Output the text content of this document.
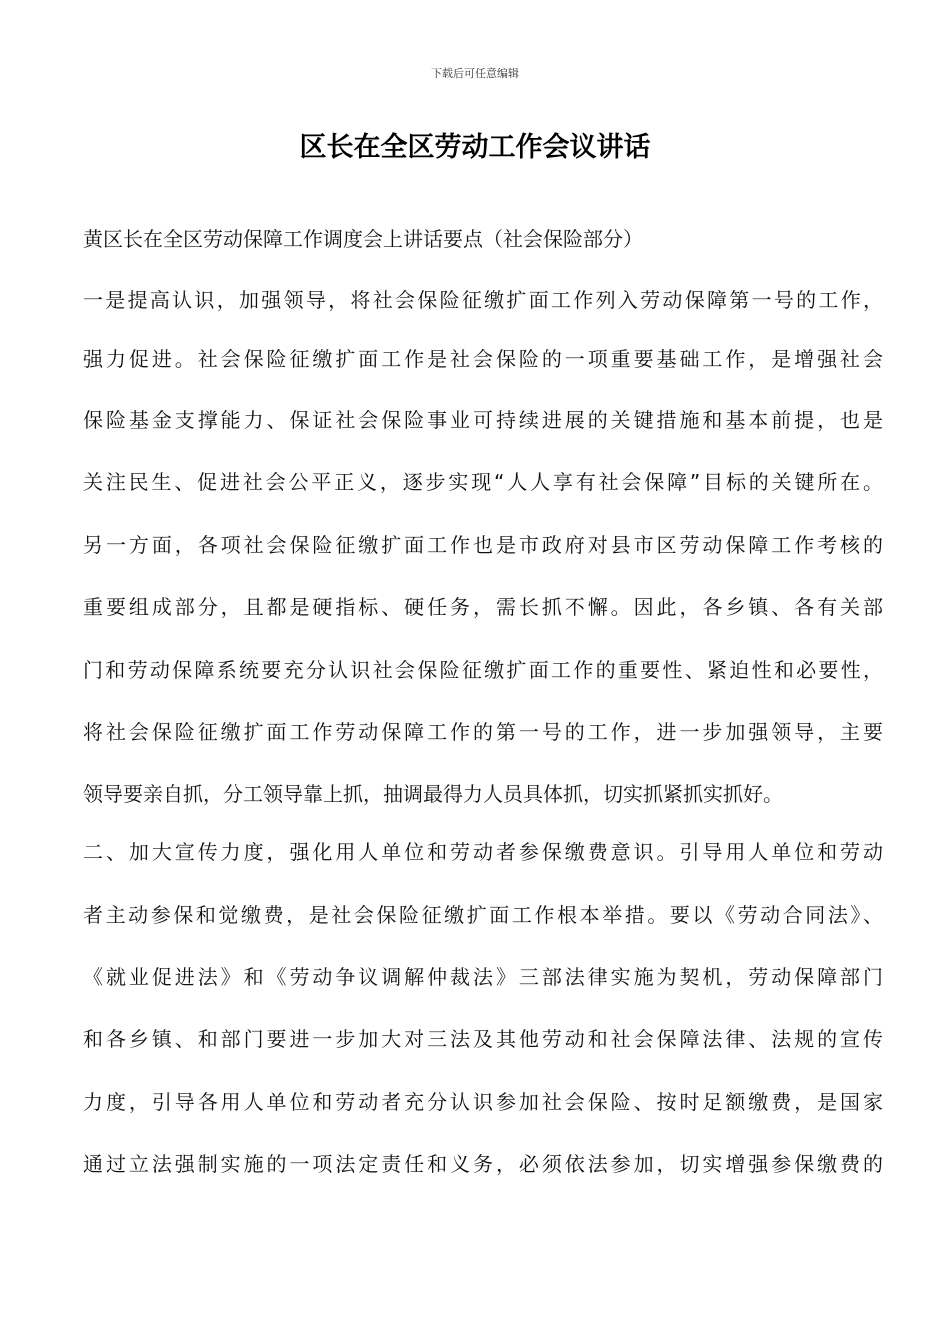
下载后可任意编辑
区长在全区劳动工作会议讲话
黄区长在全区劳动保障工作调度会上讲话要点（社会保险部分）
一是提高认识，加强领导，将社会保险征缴扩面工作列入劳动保障第一号的工作，
强力促进。社会保险征缴扩面工作是社会保险的一项重要基础工作，是增强社会
保险基金支撑能力、保证社会保险事业可持续进展的关键措施和基本前提，也是
关注民生、促进社会公平正义，逐步实现“人人享有社会保障”目标的关键所在。
另一方面，各项社会保险征缴扩面工作也是市政府对县市区劳动保障工作考核的
重要组成部分，且都是硬指标、硬任务，需长抓不懈。因此，各乡镇、各有关部
门和劳动保障系统要充分认识社会保险征缴扩面工作的重要性、紧迫性和必要性，
将社会保险征缴扩面工作劳动保障工作的第一号的工作，进一步加强领导，主要
领导要亲自抓，分工领导靠上抓，抽调最得力人员具体抓，切实抓紧抓实抓好。
二、加大宣传力度，强化用人单位和劳动者参保缴费意识。引导用人单位和劳动
者主动参保和觉缴费，是社会保险征缴扩面工作根本举措。要以《劳动合同法》、
《就业促进法》和《劳动争议调解仲裁法》三部法律实施为契机，劳动保障部门
和各乡镇、和部门要进一步加大对三法及其他劳动和社会保障法律、法规的宣传
力度，引导各用人单位和劳动者充分认识参加社会保险、按时足额缴费，是国家
通过立法强制实施的一项法定责任和义务，必须依法参加，切实增强参保缴费的
